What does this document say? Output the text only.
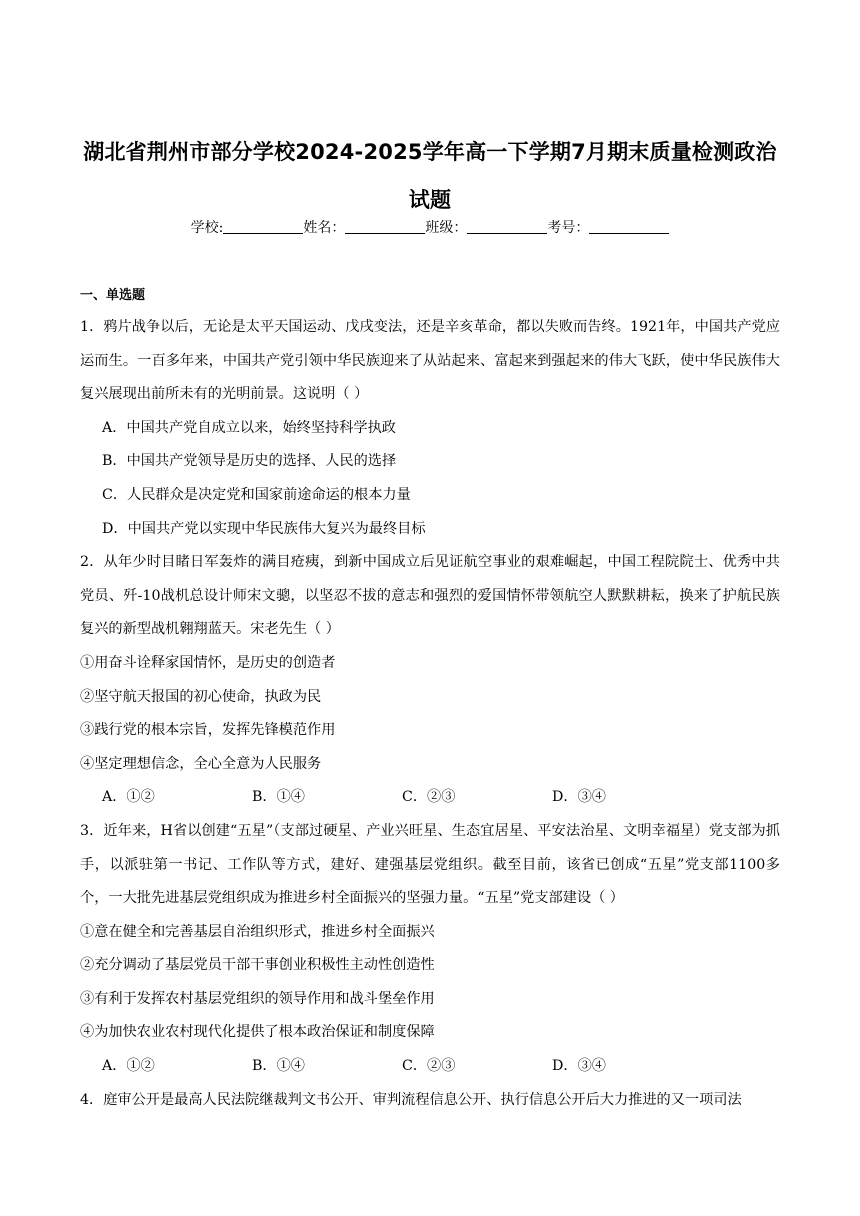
湖北省荆州市部分学校2024-2025学年高一下学期7月期末质量检测政治
试题
学校:	姓名：	班级：	考号：
一、单选题

1．鸦片战争以后，无论是太平天国运动、戊戌变法，还是辛亥革命，都以失败而告终。1921年，中国共产党应运而生。一百多年来，中国共产党引领中华民族迎来了从站起来、富起来到强起来的伟大飞跃，使中华民族伟大复兴展现出前所未有的光明前景。这说明（ ）

A．中国共产党自成立以来，始终坚持科学执政

B．中国共产党领导是历史的选择、人民的选择

C．人民群众是决定党和国家前途命运的根本力量

D．中国共产党以实现中华民族伟大复兴为最终目标

2．从年少时目睹日军轰炸的满目疮痍，到新中国成立后见证航空事业的艰难崛起，中国工程院院士、优秀中共党员、歼-10战机总设计师宋文骢，以坚忍不拔的意志和强烈的爱国情怀带领航空人默默耕耘，换来了护航民族复兴的新型战机翱翔蓝天。宋老先生（ ）

①用奋斗诠释家国情怀，是历史的创造者

②坚守航天报国的初心使命，执政为民

③践行党的根本宗旨，发挥先锋模范作用

④坚定理想信念，全心全意为人民服务

A．①②	B．①④	C．②③	D．③④

3．近年来，H省以创建“五星”（支部过硬星、产业兴旺星、生态宜居星、平安法治星、文明幸福星）党支部为抓手，以派驻第一书记、工作队等方式，建好、建强基层党组织。截至目前，该省已创成“五星”党支部1100多个，一大批先进基层党组织成为推进乡村全面振兴的坚强力量。“五星”党支部建设（ ）

①意在健全和完善基层自治组织形式，推进乡村全面振兴

②充分调动了基层党员干部干事创业积极性主动性创造性

③有利于发挥农村基层党组织的领导作用和战斗堡垒作用

④为加快农业农村现代化提供了根本政治保证和制度保障

A．①②	B．①④	C．②③	D．③④

4．庭审公开是最高人民法院继裁判文书公开、审判流程信息公开、执行信息公开后大力推进的又一项司法
